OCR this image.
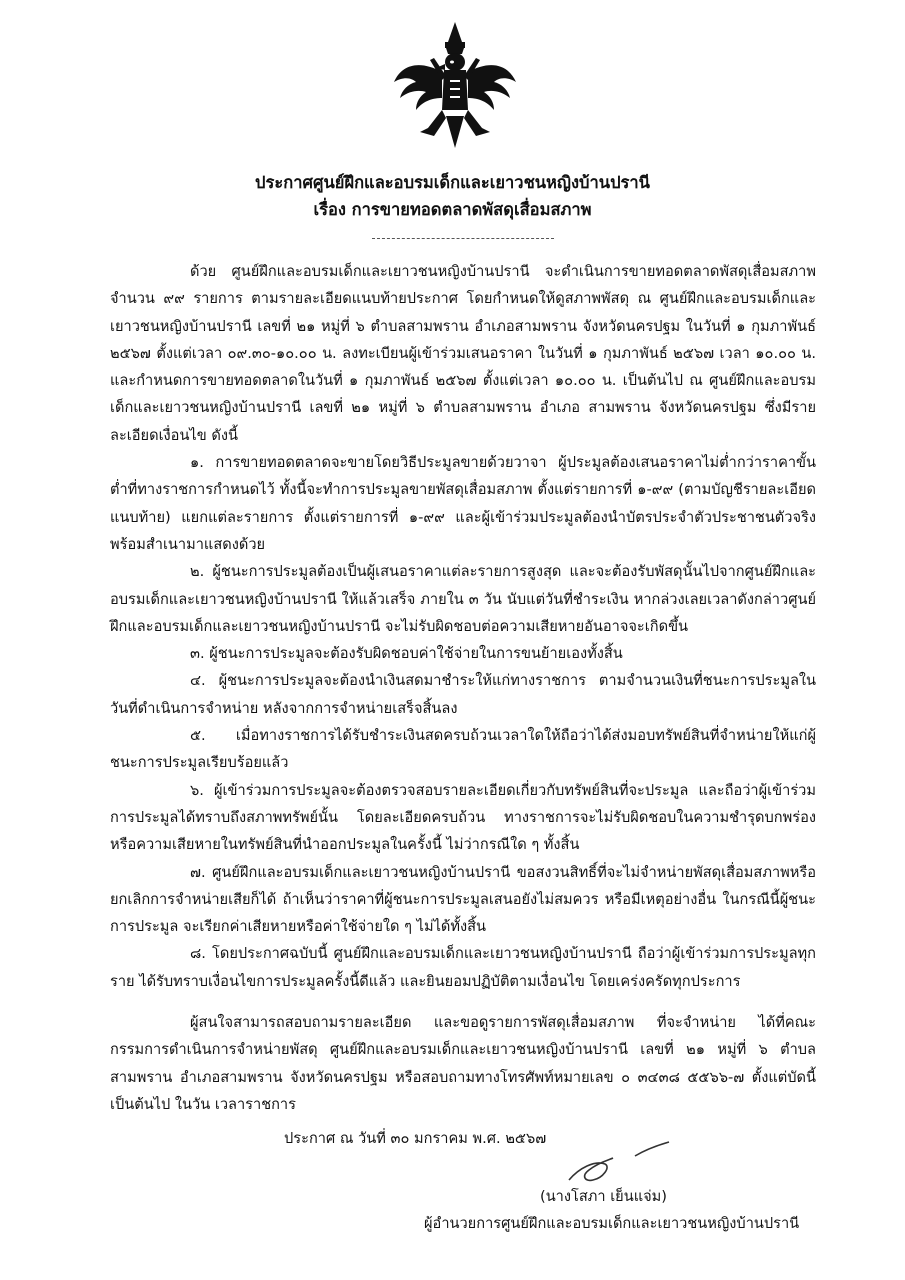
ประกาศศูนย์ฝึกและอบรมเด็กและเยาวชนหญิงบ้านปรานี
เรื่อง การขายทอดตลาดพัสดุเสื่อมสภาพ

ด้วย ศูนย์ฝึกและอบรมเด็กและเยาวชนหญิงบ้านปรานี จะดำเนินการขายทอดตลาดพัสดุเสื่อมสภาพ จำนวน ๙๙ รายการ ตามรายละเอียดแนบท้ายประกาศ โดยกำหนดให้ดูสภาพพัสดุ ณ ศูนย์ฝึกและอบรมเด็กและเยาวชนหญิงบ้านปรานี เลขที่ ๒๑ หมู่ที่ ๖ ตำบลสามพราน อำเภอสามพราน จังหวัดนครปฐม ในวันที่ ๑ กุมภาพันธ์ ๒๕๖๗ ตั้งแต่เวลา ๐๙.๓๐-๑๐.๐๐ น. ลงทะเบียนผู้เข้าร่วมเสนอราคา ในวันที่ ๑ กุมภาพันธ์ ๒๕๖๗ เวลา ๑๐.๐๐ น. และกำหนดการขายทอดตลาดในวันที่ ๑ กุมภาพันธ์ ๒๕๖๗ ตั้งแต่เวลา ๑๐.๐๐ น. เป็นต้นไป ณ ศูนย์ฝึกและอบรมเด็กและเยาวชนหญิงบ้านปรานี เลขที่ ๒๑ หมู่ที่ ๖ ตำบลสามพราน อำเภอ สามพราน จังหวัดนครปฐม ซึ่งมีรายละเอียดเงื่อนไข ดังนี้

๑. การขายทอดตลาดจะขายโดยวิธีประมูลขายด้วยวาจา ผู้ประมูลต้องเสนอราคาไม่ต่ำกว่าราคาขั้นต่ำที่ทางราชการกำหนดไว้ ทั้งนี้จะทำการประมูลขายพัสดุเสื่อมสภาพ ตั้งแต่รายการที่ ๑-๙๙ (ตามบัญชีรายละเอียดแนบท้าย) แยกแต่ละรายการ ตั้งแต่รายการที่ ๑-๙๙ และผู้เข้าร่วมประมูลต้องนำบัตรประจำตัวประชาชนตัวจริงพร้อมสำเนามาแสดงด้วย

๒. ผู้ชนะการประมูลต้องเป็นผู้เสนอราคาแต่ละรายการสูงสุด และจะต้องรับพัสดุนั้นไปจากศูนย์ฝึกและอบรมเด็กและเยาวชนหญิงบ้านปรานี ให้แล้วเสร็จ ภายใน ๓ วัน นับแต่วันที่ชำระเงิน หากล่วงเลยเวลาดังกล่าวศูนย์ฝึกและอบรมเด็กและเยาวชนหญิงบ้านปรานี จะไม่รับผิดชอบต่อความเสียหายอันอาจจะเกิดขึ้น

๓. ผู้ชนะการประมูลจะต้องรับผิดชอบค่าใช้จ่ายในการขนย้ายเองทั้งสิ้น

๔. ผู้ชนะการประมูลจะต้องนำเงินสดมาชำระให้แก่ทางราชการ ตามจำนวนเงินที่ชนะการประมูลในวันที่ดำเนินการจำหน่าย หลังจากการจำหน่ายเสร็จสิ้นลง

๕. เมื่อทางราชการได้รับชำระเงินสดครบถ้วนเวลาใดให้ถือว่าได้ส่งมอบทรัพย์สินที่จำหน่ายให้แก่ผู้ชนะการประมูลเรียบร้อยแล้ว

๖. ผู้เข้าร่วมการประมูลจะต้องตรวจสอบรายละเอียดเกี่ยวกับทรัพย์สินที่จะประมูล และถือว่าผู้เข้าร่วมการประมูลได้ทราบถึงสภาพทรัพย์นั้น โดยละเอียดครบถ้วน ทางราชการจะไม่รับผิดชอบในความชำรุดบกพร่อง หรือความเสียหายในทรัพย์สินที่นำออกประมูลในครั้งนี้ ไม่ว่ากรณีใด ๆ ทั้งสิ้น

๗. ศูนย์ฝึกและอบรมเด็กและเยาวชนหญิงบ้านปรานี ขอสงวนสิทธิ์ที่จะไม่จำหน่ายพัสดุเสื่อมสภาพหรือยกเลิกการจำหน่ายเสียก็ได้ ถ้าเห็นว่าราคาที่ผู้ชนะการประมูลเสนอยังไม่สมควร หรือมีเหตุอย่างอื่น ในกรณีนี้ผู้ชนะการประมูล จะเรียกค่าเสียหายหรือค่าใช้จ่ายใด ๆ ไม่ได้ทั้งสิ้น

๘. โดยประกาศฉบับนี้ ศูนย์ฝึกและอบรมเด็กและเยาวชนหญิงบ้านปรานี ถือว่าผู้เข้าร่วมการประมูลทุกราย ได้รับทราบเงื่อนไขการประมูลครั้งนี้ดีแล้ว และยินยอมปฏิบัติตามเงื่อนไข โดยเคร่งครัดทุกประการ

ผู้สนใจสามารถสอบถามรายละเอียด และขอดูรายการพัสดุเสื่อมสภาพ ที่จะจำหน่าย ได้ที่คณะกรรมการดำเนินการจำหน่ายพัสดุ ศูนย์ฝึกและอบรมเด็กและเยาวชนหญิงบ้านปรานี เลขที่ ๒๑ หมู่ที่ ๖ ตำบลสามพราน อำเภอสามพราน จังหวัดนครปฐม หรือสอบถามทางโทรศัพท์หมายเลข ๐ ๓๔๓๘ ๕๕๖๖-๗ ตั้งแต่บัดนี้เป็นต้นไป ในวัน เวลาราชการ

ประกาศ ณ วันที่ ๓๐ มกราคม พ.ศ. ๒๕๖๗
(นางโสภา เย็นแจ่ม)
ผู้อำนวยการศูนย์ฝึกและอบรมเด็กและเยาวชนหญิงบ้านปรานี
